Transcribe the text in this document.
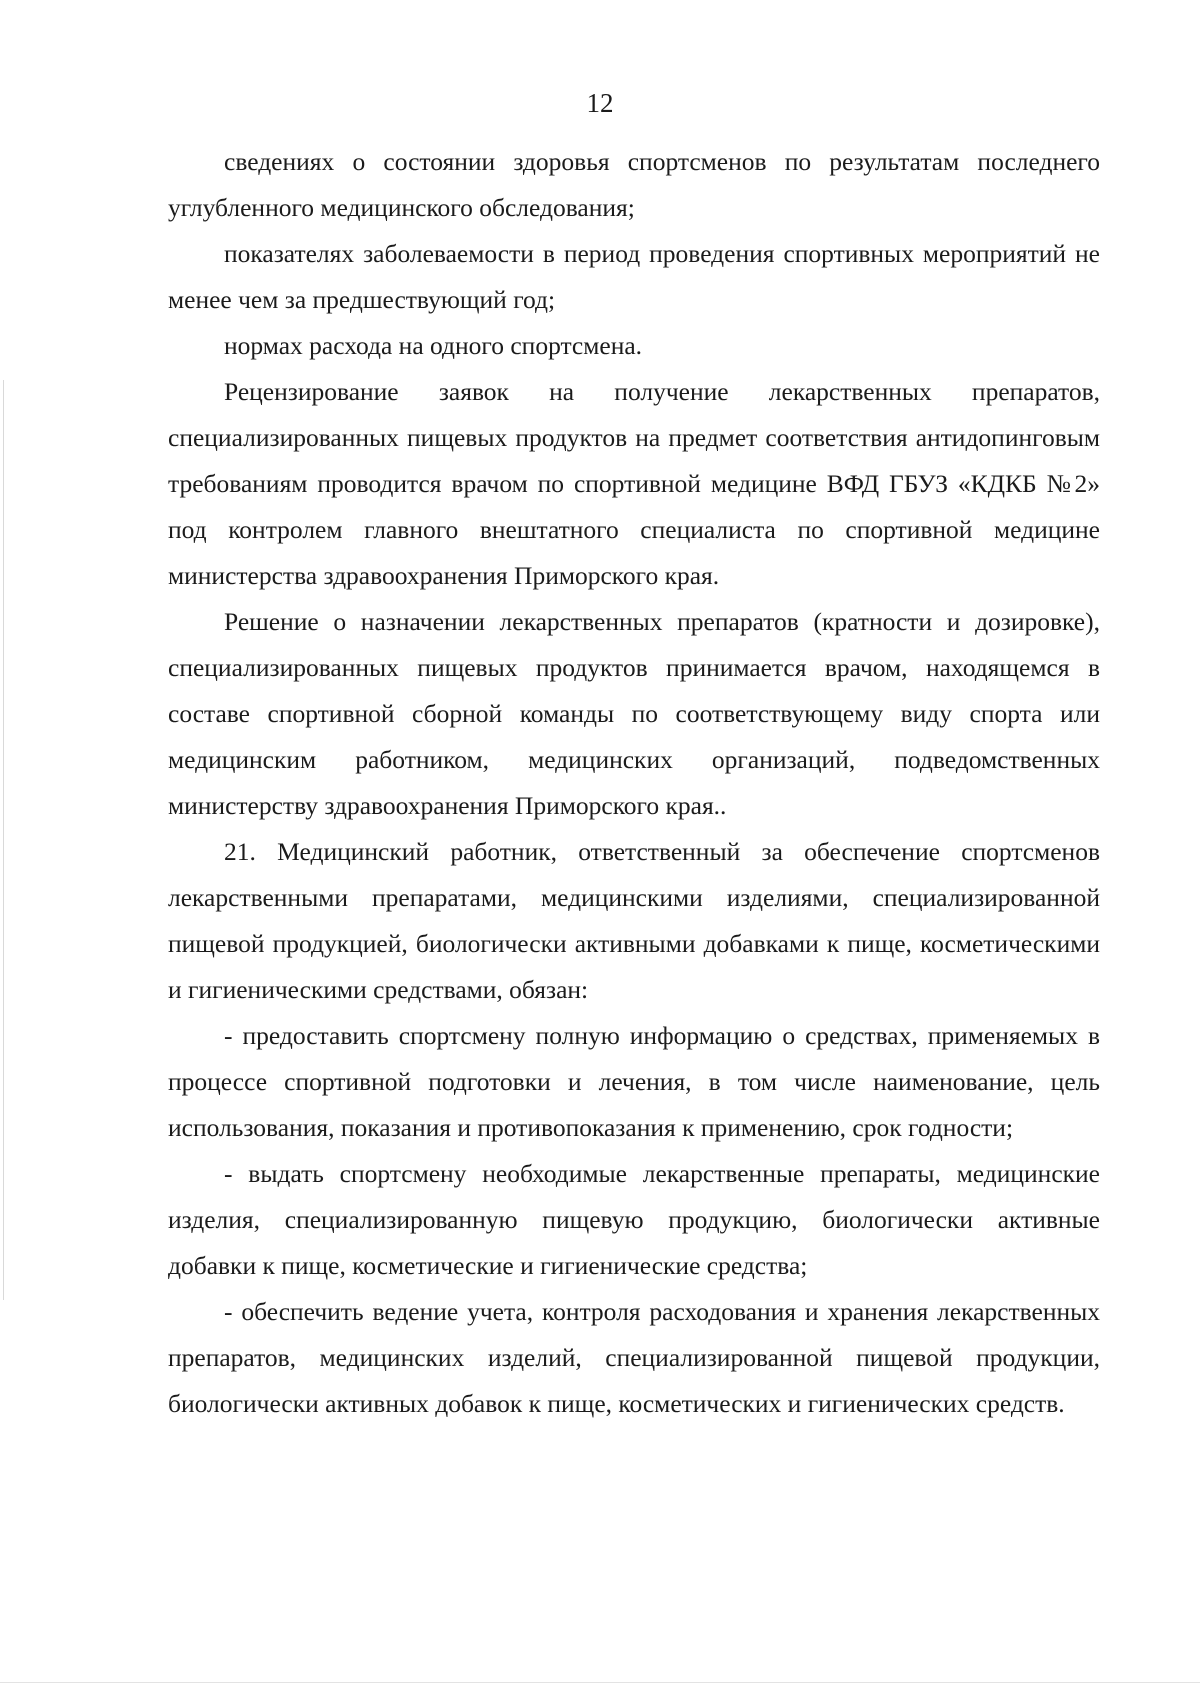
12

сведениях о состоянии здоровья спортсменов по результатам последнего углубленного медицинского обследования;

показателях заболеваемости в период проведения спортивных мероприятий не менее чем за предшествующий год;

нормах расхода на одного спортсмена.

Рецензирование заявок на получение лекарственных препаратов, специализированных пищевых продуктов на предмет соответствия антидопинговым требованиям проводится врачом по спортивной медицине ВФД ГБУЗ «КДКБ №2» под контролем главного внештатного специалиста по спортивной медицине министерства здравоохранения Приморского края.

Решение о назначении лекарственных препаратов (кратности и дозировке), специализированных пищевых продуктов принимается врачом, находящемся в составе спортивной сборной команды по соответствующему виду спорта или медицинским работником, медицинских организаций, подведомственных министерству здравоохранения Приморского края..

21. Медицинский работник, ответственный за обеспечение спортсменов лекарственными препаратами, медицинскими изделиями, специализированной пищевой продукцией, биологически активными добавками к пище, косметическими и гигиеническими средствами, обязан:

- предоставить спортсмену полную информацию о средствах, применяемых в процессе спортивной подготовки и лечения, в том числе наименование, цель использования, показания и противопоказания к применению, срок годности;

- выдать спортсмену необходимые лекарственные препараты, медицинские изделия, специализированную пищевую продукцию, биологически активные добавки к пище, косметические и гигиенические средства;

- обеспечить ведение учета, контроля расходования и хранения лекарственных препаратов, медицинских изделий, специализированной пищевой продукции, биологически активных добавок к пище, косметических и гигиенических средств.
